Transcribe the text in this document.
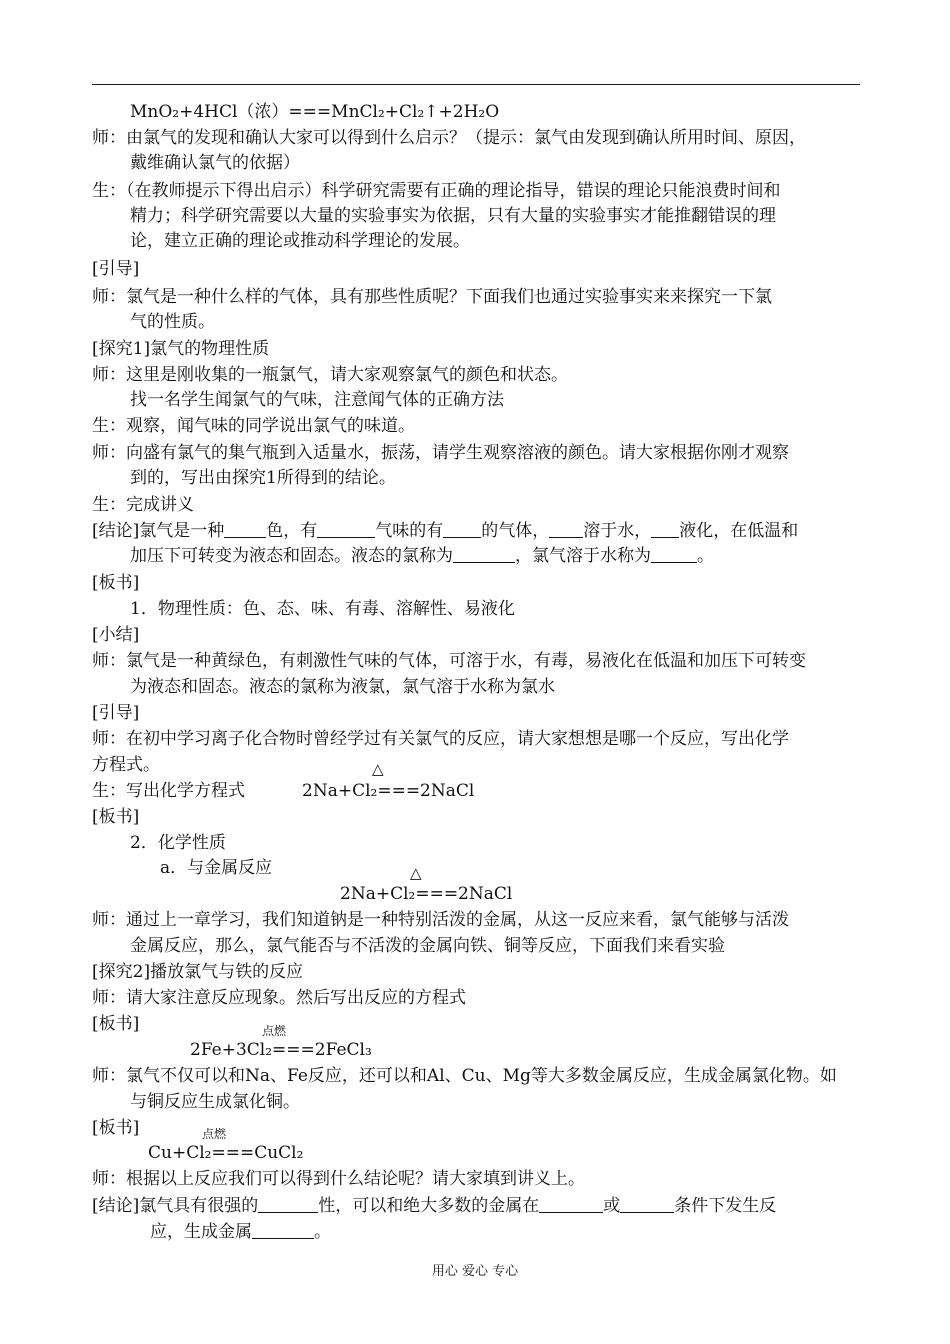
MnO₂+4HCl（浓）===MnCl₂+Cl₂↑+2H₂O
师：由氯气的发现和确认大家可以得到什么启示？（提示：氯气由发现到确认所用时间、原因，
戴维确认氯气的依据）
生：（在教师提示下得出启示）科学研究需要有正确的理论指导，错误的理论只能浪费时间和
精力；科学研究需要以大量的实验事实为依据，只有大量的实验事实才能推翻错误的理
论，建立正确的理论或推动科学理论的发展。
[引导]
师：氯气是一种什么样的气体，具有那些性质呢？下面我们也通过实验事实来来探究一下氯
气的性质。
[探究1]氯气的物理性质
师：这里是刚收集的一瓶氯气，请大家观察氯气的颜色和状态。
找一名学生闻氯气的气味，注意闻气体的正确方法
生：观察，闻气味的同学说出氯气的味道。
师：向盛有氯气的集气瓶到入适量水，振荡，请学生观察溶液的颜色。请大家根据你刚才观察
到的，写出由探究1所得到的结论。
生：完成讲义
[结论]氯气是一种 色，有	气味的有 的气体， 溶于水， 液化，在低温和
加压下可转变为液态和固态。液态的氯称为	，氯气溶于水称为	。
[板书]
1．物理性质：色、态、味、有毒、溶解性、易液化
[小结]
师：氯气是一种黄绿色，有刺激性气味的气体，可溶于水，有毒，易液化在低温和加压下可转变
为液态和固态。液态的氯称为液氯，氯气溶于水称为氯水
[引导]
师：在初中学习离子化合物时曾经学过有关氯气的反应，请大家想想是哪一个反应，写出化学
方程式。	△
生：写出化学方程式	2Na+Cl₂===2NaCl
[板书]
2．化学性质
a．与金属反应	△
2Na+Cl₂===2NaCl
师：通过上一章学习，我们知道钠是一种特别活泼的金属，从这一反应来看，氯气能够与活泼
金属反应，那么，氯气能否与不活泼的金属向铁、铜等反应，下面我们来看实验
[探究2]播放氯气与铁的反应
师：请大家注意反应现象。然后写出反应的方程式
[板书]	点燃
2Fe+3Cl₂===2FeCl₃
师：氯气不仅可以和Na、Fe反应，还可以和Al、Cu、Mg等大多数金属反应，生成金属氯化物。如
与铜反应生成氯化铜。
[板书]	点燃
Cu+Cl₂===CuCl₂
师：根据以上反应我们可以得到什么结论呢？请大家填到讲义上。
[结论]氯气具有很强的	性，可以和绝大多数的金属在	或	条件下发生反
应，生成金属	。
用心 爱心 专心
